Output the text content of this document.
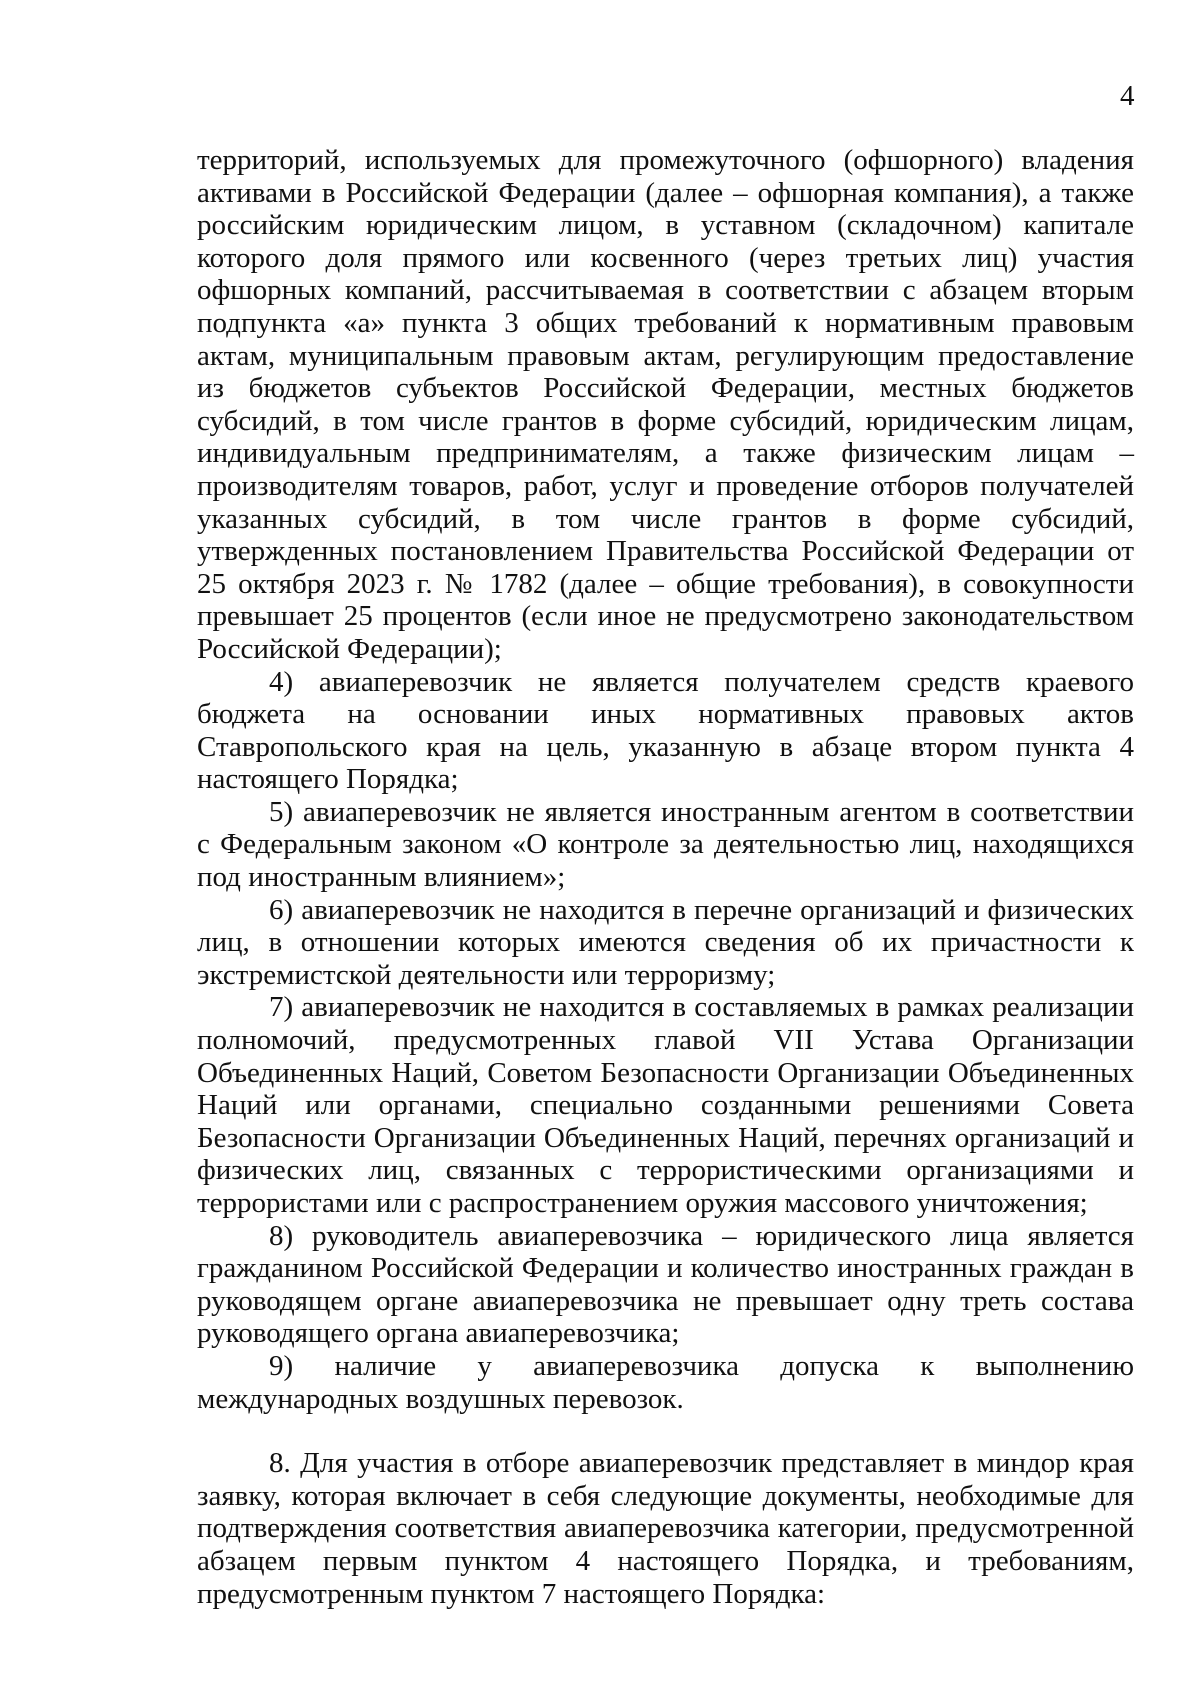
4

территорий, используемых для промежуточного (офшорного) владения активами в Российской Федерации (далее – офшорная компания), а также российским юридическим лицом, в уставном (складочном) капитале которого доля прямого или косвенного (через третьих лиц) участия офшорных компаний, рассчитываемая в соответствии с абзацем вторым подпункта «а» пункта 3 общих требований к нормативным правовым актам, муниципальным правовым актам, регулирующим предоставление из бюджетов субъектов Российской Федерации, местных бюджетов субсидий, в том числе грантов в форме субсидий, юридическим лицам, индивидуальным предпринимателям, а также физическим лицам – производителям товаров, работ, услуг и проведение отборов получателей указанных субсидий, в том числе грантов в форме субсидий, утвержденных постановлением Правительства Российской Федерации от 25 октября 2023 г. № 1782 (далее – общие требования), в совокупности превышает 25 процентов (если иное не предусмотрено законодательством Российской Федерации);

4) авиаперевозчик не является получателем средств краевого бюджета на основании иных нормативных правовых актов Ставропольского края на цель, указанную в абзаце втором пункта 4 настоящего Порядка;

5) авиаперевозчик не является иностранным агентом в соответствии с Федеральным законом «О контроле за деятельностью лиц, находящихся под иностранным влиянием»;

6) авиаперевозчик не находится в перечне организаций и физических лиц, в отношении которых имеются сведения об их причастности к экстремистской деятельности или терроризму;

7) авиаперевозчик не находится в составляемых в рамках реализации полномочий, предусмотренных главой VII Устава Организации Объединенных Наций, Советом Безопасности Организации Объединенных Наций или органами, специально созданными решениями Совета Безопасности Организации Объединенных Наций, перечнях организаций и физических лиц, связанных с террористическими организациями и террористами или с распространением оружия массового уничтожения;

8) руководитель авиаперевозчика – юридического лица является гражданином Российской Федерации и количество иностранных граждан в руководящем органе авиаперевозчика не превышает одну треть состава руководящего органа авиаперевозчика;

9) наличие у авиаперевозчика допуска к выполнению международных воздушных перевозок.

8. Для участия в отборе авиаперевозчик представляет в миндор края заявку, которая включает в себя следующие документы, необходимые для подтверждения соответствия авиаперевозчика категории, предусмотренной абзацем первым пунктом 4 настоящего Порядка, и требованиям, предусмотренным пунктом 7 настоящего Порядка:
